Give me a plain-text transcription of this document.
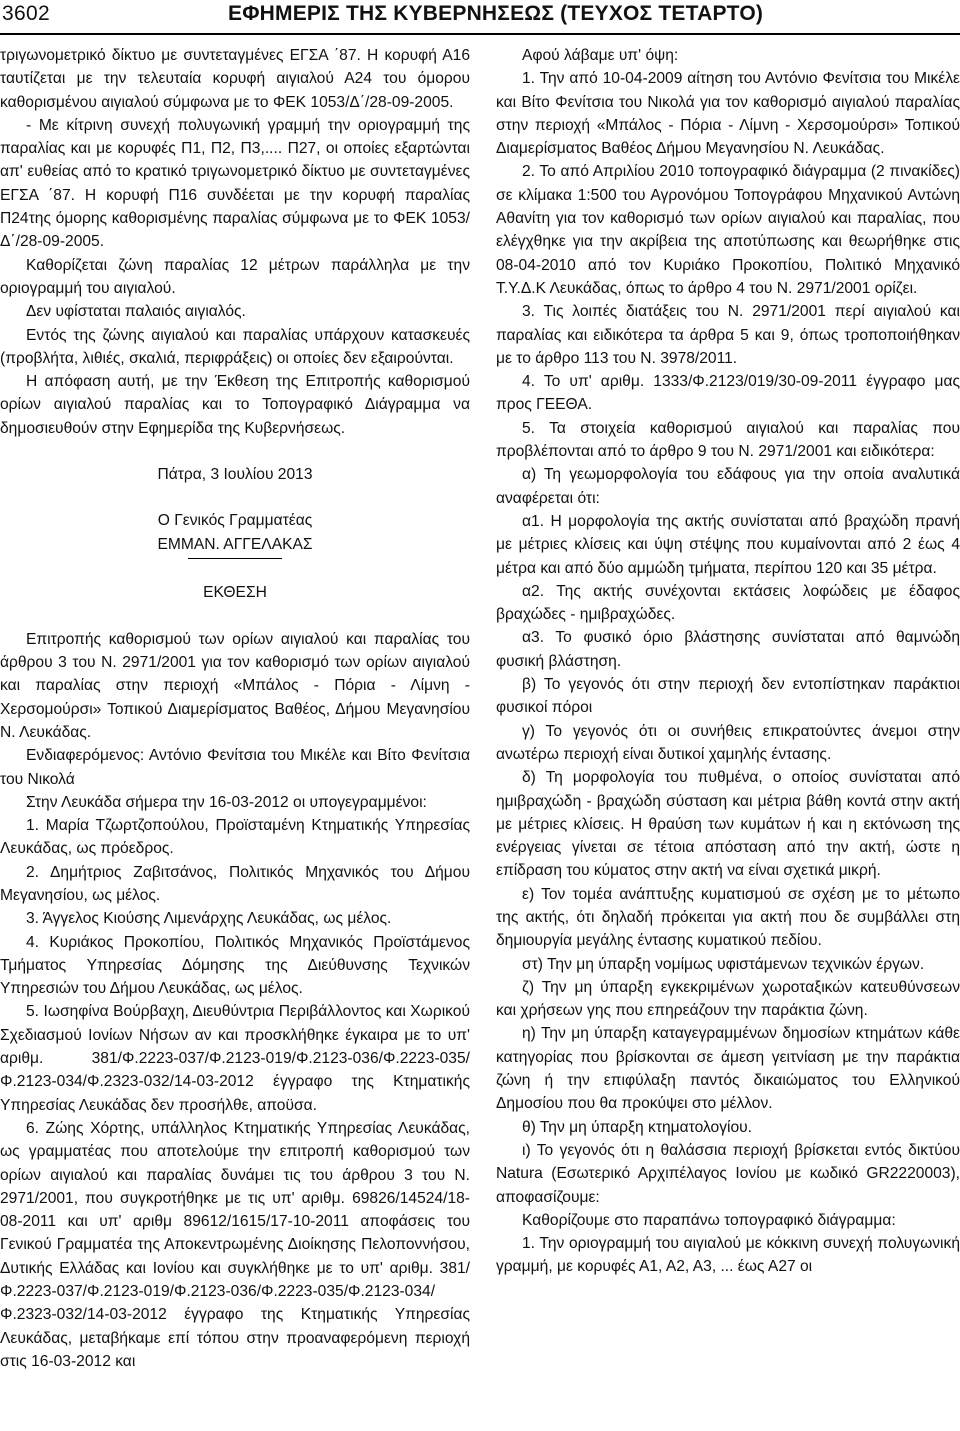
3602	ΕΦΗΜΕΡΙΣ ΤΗΣ ΚΥΒΕΡΝΗΣΕΩΣ (ΤΕΥΧΟΣ ΤΕΤΑΡΤΟ)

τριγωνομετρικό δίκτυο με συντεταγμένες ΕΓΣΑ ΄87. Η κορυφή Α16 ταυτίζεται με την τελευταία κορυφή αιγιαλού Α24 του όμορου καθορισμένου αιγιαλού σύμφωνα με το ΦΕΚ 1053/Δ΄/28-09-2005.

- Με κίτρινη συνεχή πολυγωνική γραμμή την οριογραμμή της παραλίας και με κορυφές Π1, Π2, Π3,.... Π27, οι οποίες εξαρτώνται απ' ευθείας από το κρατικό τριγωνομετρικό δίκτυο με συντεταγμένες ΕΓΣΑ ΄87. Η κορυφή Π16 συνδέεται με την κορυφή παραλίας Π24της όμορης καθορισμένης παραλίας σύμφωνα με το ΦΕΚ 1053/Δ΄/28-09-2005.

Καθορίζεται ζώνη παραλίας 12 μέτρων παράλληλα με την οριογραμμή του αιγιαλού.

Δεν υφίσταται παλαιός αιγιαλός.

Εντός της ζώνης αιγιαλού και παραλίας υπάρχουν κατασκευές (προβλήτα, λιθιές, σκαλιά, περιφράξεις) οι οποίες δεν εξαιρούνται.

Η απόφαση αυτή, με την Έκθεση της Επιτροπής καθορισμού ορίων αιγιαλού παραλίας και το Τοπογραφικό Διάγραμμα να δημοσιευθούν στην Εφημερίδα της Κυβερνήσεως.

Πάτρα, 3 Ιουλίου 2013

Ο Γενικός Γραμματέας

ΕΜΜΑΝ. ΑΓΓΕΛΑΚΑΣ

ΕΚΘΕΣΗ

Επιτροπής καθορισμού των ορίων αιγιαλού και παραλίας του άρθρου 3 του Ν. 2971/2001 για τον καθορισμό των ορίων αιγιαλού και παραλίας στην περιοχή «Μπάλος - Πόρια - Λίμνη - Χερσομούρσι» Τοπικού Διαμερίσματος Βαθέος, Δήμου Μεγανησίου Ν. Λευκάδας.

Ενδιαφερόμενος: Αντόνιο Φενίτσια του Μικέλε και Βίτο Φενίτσια του Νικολά

Στην Λευκάδα σήμερα την 16-03-2012 οι υπογεγραμμένοι:

1. Μαρία Τζωρτζοπούλου, Προϊσταμένη Κτηματικής Υπηρεσίας Λευκάδας, ως πρόεδρος.

2. Δημήτριος Ζαβιτσάνος, Πολιτικός Μηχανικός του Δήμου Μεγανησίου, ως μέλος.

3. Άγγελος Κιούσης Λιμενάρχης Λευκάδας, ως μέλος.

4. Κυριάκος Προκοπίου, Πολιτικός Μηχανικός Προϊστάμενος Τμήματος Υπηρεσίας Δόμησης της Διεύθυνσης Τεχνικών Υπηρεσιών του Δήμου Λευκάδας, ως μέλος.

5. Ιωσηφίνα Βούρβαχη, Διευθύντρια Περιβάλλοντος και Χωρικού Σχεδιασμού Ιονίων Νήσων αν και προσκλήθηκε έγκαιρα με το υπ' αριθμ. 381/Φ.2223-037/Φ.2123-019/Φ.2123-036/Φ.2223-035/Φ.2123-034/Φ.2323-032/14-03-2012 έγγραφο της Κτηματικής Υπηρεσίας Λευκάδας δεν προσήλθε, αποϋσα.

6. Ζώης Χόρτης, υπάλληλος Κτηματικής Υπηρεσίας Λευκάδας, ως γραμματέας που αποτελούμε την επιτροπή καθορισμού των ορίων αιγιαλού και παραλίας δυνάμει τις του άρθρου 3 του Ν. 2971/2001, που συγκροτήθηκε με τις υπ' αριθμ. 69826/14524/18-08-2011 και υπ' αριθμ 89612/1615/17-10-2011 αποφάσεις του Γενικού Γραμματέα της Αποκεντρωμένης Διοίκησης Πελοποννήσου, Δυτικής Ελλάδας και Ιονίου και συγκλήθηκε με το υπ' αριθμ. 381/Φ.2223-037/Φ.2123-019/Φ.2123-036/Φ.2223-035/Φ.2123-034/Φ.2323-032/14-03-2012 έγγραφο της Κτηματικής Υπηρεσίας Λευκάδας, μεταβήκαμε επί τόπου στην προαναφερόμενη περιοχή στις 16-03-2012 και

Αφού λάβαμε υπ' όψη:

1. Την από 10-04-2009 αίτηση του Αντόνιο Φενίτσια του Μικέλε και Βίτο Φενίτσια του Νικολά για τον καθορισμό αιγιαλού παραλίας στην περιοχή «Μπάλος - Πόρια - Λίμνη - Χερσομούρσι» Τοπικού Διαμερίσματος Βαθέος Δήμου Μεγανησίου Ν. Λευκάδας.

2. Το από Απριλίου 2010 τοπογραφικό διάγραμμα (2 πινακίδες) σε κλίμακα 1:500 του Αγρονόμου Τοπογράφου Μηχανικού Αντώνη Αθανίτη για τον καθορισμό των ορίων αιγιαλού και παραλίας, που ελέγχθηκε για την ακρίβεια της αποτύπωσης και θεωρήθηκε στις 08-04-2010 από τον Κυριάκο Προκοπίου, Πολιτικό Μηχανικό Τ.Υ.Δ.Κ Λευκάδας, όπως το άρθρο 4 του Ν. 2971/2001 ορίζει.

3. Τις λοιπές διατάξεις του Ν. 2971/2001 περί αιγιαλού και παραλίας και ειδικότερα τα άρθρα 5 και 9, όπως τροποποιήθηκαν με το άρθρο 113 του Ν. 3978/2011.

4. Το υπ' αριθμ. 1333/Φ.2123/019/30-09-2011 έγγραφο μας προς ΓΕΕΘΑ.

5. Τα στοιχεία καθορισμού αιγιαλού και παραλίας που προβλέπονται από το άρθρο 9 του Ν. 2971/2001 και ειδικότερα:

α) Τη γεωμορφολογία του εδάφους για την οποία αναλυτικά αναφέρεται ότι:

α1. Η μορφολογία της ακτής συνίσταται από βραχώδη πρανή με μέτριες κλίσεις και ύψη στέψης που κυμαίνονται από 2 έως 4 μέτρα και από δύο αμμώδη τμήματα, περίπου 120 και 35 μέτρα.

α2. Της ακτής συνέχονται εκτάσεις λοφώδεις με έδαφος βραχώδες - ημιβραχώδες.

α3. Το φυσικό όριο βλάστησης συνίσταται από θαμνώδη φυσική βλάστηση.

β) Το γεγονός ότι στην περιοχή δεν εντοπίστηκαν παράκτιοι φυσικοί πόροι

γ) Το γεγονός ότι οι συνήθεις επικρατούντες άνεμοι στην ανωτέρω περιοχή είναι δυτικοί χαμηλής έντασης.

δ) Τη μορφολογία του πυθμένα, ο οποίος συνίσταται από ημιβραχώδη - βραχώδη σύσταση και μέτρια βάθη κοντά στην ακτή με μέτριες κλίσεις. Η θραύση των κυμάτων ή και η εκτόνωση της ενέργειας γίνεται σε τέτοια απόσταση από την ακτή, ώστε η επίδραση του κύματος στην ακτή να είναι σχετικά μικρή.

ε) Τον τομέα ανάπτυξης κυματισμού σε σχέση με το μέτωπο της ακτής, ότι δηλαδή πρόκειται για ακτή που δε συμβάλλει στη δημιουργία μεγάλης έντασης κυματικού πεδίου.

στ) Την μη ύπαρξη νομίμως υφιστάμενων τεχνικών έργων.

ζ) Την μη ύπαρξη εγκεκριμένων χωροταξικών κατευθύνσεων και χρήσεων γης που επηρεάζουν την παράκτια ζώνη.

η) Την μη ύπαρξη καταγεγραμμένων δημοσίων κτημάτων κάθε κατηγορίας που βρίσκονται σε άμεση γειτνίαση με την παράκτια ζώνη ή την επιφύλαξη παντός δικαιώματος του Ελληνικού Δημοσίου που θα προκύψει στο μέλλον.

θ) Την μη ύπαρξη κτηματολογίου.

ι) Το γεγονός ότι η θαλάσσια περιοχή βρίσκεται εντός δικτύου Natura (Εσωτερικό Αρχιπέλαγος Ιονίου με κωδικό GR2220003), αποφασίζουμε:

Καθορίζουμε στο παραπάνω τοπογραφικό διάγραμμα:

1. Την οριογραμμή του αιγιαλού με κόκκινη συνεχή πολυγωνική γραμμή, με κορυφές Α1, Α2, Α3, ... έως Α27 οι
